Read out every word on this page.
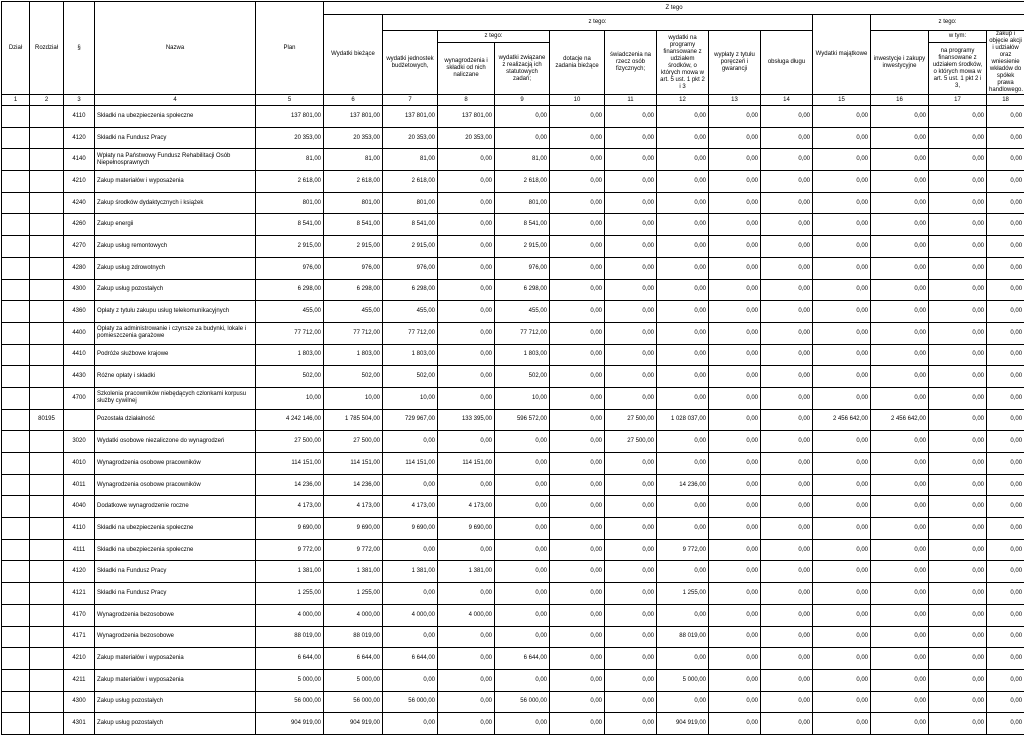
Dział	Rozdział	§	Nazwa	Plan	Z tego												
					Wydatki bieżące	z tego:								Wydatki majątkowe	z tego:		
						wydatki jednostek budżetowych,	z tego:		dotacje na zadania bieżące	świadczenia na rzecz osób fizycznych;	wydatki na programy finansowane z udziałem środków, o których mowa w art. 5 ust. 1 pkt 2 i 3	wypłaty z tytułu poręczeń i gwarancji	obsługa długu		inwestycje i zakupy inwestycyjne	w tym:	zakup i objęcie akcji i udziałów oraz wniesienie wkładów do spółek prawa handlowego.
							wynagrodzenia i składki od nich naliczane	wydatki związane z realizacją ich statutowych zadań;								na programy finansowane z udziałem środków, o których mowa w art. 5 ust. 1 pkt 2 i 3,	

1	2	3	4	5	6	7	8	9	10	11	12	13	14	15	16	17	18
		4110	Składki na ubezpieczenia społeczne	137 801,00	137 801,00	137 801,00	137 801,00	0,00	0,00	0,00	0,00	0,00	0,00	0,00	0,00	0,00	0,00
		4120	Składki na Fundusz Pracy	20 353,00	20 353,00	20 353,00	20 353,00	0,00	0,00	0,00	0,00	0,00	0,00	0,00	0,00	0,00	0,00
		4140	Wpłaty na Państwowy Fundusz Rehabilitacji Osób Niepełnosprawnych	81,00	81,00	81,00	0,00	81,00	0,00	0,00	0,00	0,00	0,00	0,00	0,00	0,00	0,00
		4210	Zakup materiałów i wyposażenia	2 618,00	2 618,00	2 618,00	0,00	2 618,00	0,00	0,00	0,00	0,00	0,00	0,00	0,00	0,00	0,00
		4240	Zakup środków dydaktycznych i książek	801,00	801,00	801,00	0,00	801,00	0,00	0,00	0,00	0,00	0,00	0,00	0,00	0,00	0,00
		4260	Zakup energii	8 541,00	8 541,00	8 541,00	0,00	8 541,00	0,00	0,00	0,00	0,00	0,00	0,00	0,00	0,00	0,00
		4270	Zakup usług remontowych	2 915,00	2 915,00	2 915,00	0,00	2 915,00	0,00	0,00	0,00	0,00	0,00	0,00	0,00	0,00	0,00
		4280	Zakup usług zdrowotnych	976,00	976,00	976,00	0,00	976,00	0,00	0,00	0,00	0,00	0,00	0,00	0,00	0,00	0,00
		4300	Zakup usług pozostałych	6 298,00	6 298,00	6 298,00	0,00	6 298,00	0,00	0,00	0,00	0,00	0,00	0,00	0,00	0,00	0,00
		4360	Opłaty z tytułu zakupu usług telekomunikacyjnych	455,00	455,00	455,00	0,00	455,00	0,00	0,00	0,00	0,00	0,00	0,00	0,00	0,00	0,00
		4400	Opłaty za administrowanie i czynsze za budynki, lokale i pomieszczenia garażowe	77 712,00	77 712,00	77 712,00	0,00	77 712,00	0,00	0,00	0,00	0,00	0,00	0,00	0,00	0,00	0,00
		4410	Podróże służbowe krajowe	1 803,00	1 803,00	1 803,00	0,00	1 803,00	0,00	0,00	0,00	0,00	0,00	0,00	0,00	0,00	0,00
		4430	Różne opłaty i składki	502,00	502,00	502,00	0,00	502,00	0,00	0,00	0,00	0,00	0,00	0,00	0,00	0,00	0,00
		4700	Szkolenia pracowników niebędących członkami korpusu służby cywilnej	10,00	10,00	10,00	0,00	10,00	0,00	0,00	0,00	0,00	0,00	0,00	0,00	0,00	0,00
	80195		Pozostała działalność	4 242 146,00	1 785 504,00	729 967,00	133 395,00	596 572,00	0,00	27 500,00	1 028 037,00	0,00	0,00	2 456 642,00	2 456 642,00	0,00	0,00
		3020	Wydatki osobowe niezaliczone do wynagrodzeń	27 500,00	27 500,00	0,00	0,00	0,00	0,00	27 500,00	0,00	0,00	0,00	0,00	0,00	0,00	0,00
		4010	Wynagrodzenia osobowe pracowników	114 151,00	114 151,00	114 151,00	114 151,00	0,00	0,00	0,00	0,00	0,00	0,00	0,00	0,00	0,00	0,00
		4011	Wynagrodzenia osobowe pracowników	14 236,00	14 236,00	0,00	0,00	0,00	0,00	0,00	14 236,00	0,00	0,00	0,00	0,00	0,00	0,00
		4040	Dodatkowe wynagrodzenie roczne	4 173,00	4 173,00	4 173,00	4 173,00	0,00	0,00	0,00	0,00	0,00	0,00	0,00	0,00	0,00	0,00
		4110	Składki na ubezpieczenia społeczne	9 690,00	9 690,00	9 690,00	9 690,00	0,00	0,00	0,00	0,00	0,00	0,00	0,00	0,00	0,00	0,00
		4111	Składki na ubezpieczenia społeczne	9 772,00	9 772,00	0,00	0,00	0,00	0,00	0,00	9 772,00	0,00	0,00	0,00	0,00	0,00	0,00
		4120	Składki na Fundusz Pracy	1 381,00	1 381,00	1 381,00	1 381,00	0,00	0,00	0,00	0,00	0,00	0,00	0,00	0,00	0,00	0,00
		4121	Składki na Fundusz Pracy	1 255,00	1 255,00	0,00	0,00	0,00	0,00	0,00	1 255,00	0,00	0,00	0,00	0,00	0,00	0,00
		4170	Wynagrodzenia bezosobowe	4 000,00	4 000,00	4 000,00	4 000,00	0,00	0,00	0,00	0,00	0,00	0,00	0,00	0,00	0,00	0,00
		4171	Wynagrodzenia bezosobowe	88 019,00	88 019,00	0,00	0,00	0,00	0,00	0,00	88 019,00	0,00	0,00	0,00	0,00	0,00	0,00
		4210	Zakup materiałów i wyposażenia	6 644,00	6 644,00	6 644,00	0,00	6 644,00	0,00	0,00	0,00	0,00	0,00	0,00	0,00	0,00	0,00
		4211	Zakup materiałów i wyposażenia	5 000,00	5 000,00	0,00	0,00	0,00	0,00	0,00	5 000,00	0,00	0,00	0,00	0,00	0,00	0,00
		4300	Zakup usług pozostałych	56 000,00	56 000,00	56 000,00	0,00	56 000,00	0,00	0,00	0,00	0,00	0,00	0,00	0,00	0,00	0,00
		4301	Zakup usług pozostałych	904 919,00	904 919,00	0,00	0,00	0,00	0,00	0,00	904 919,00	0,00	0,00	0,00	0,00	0,00	0,00
